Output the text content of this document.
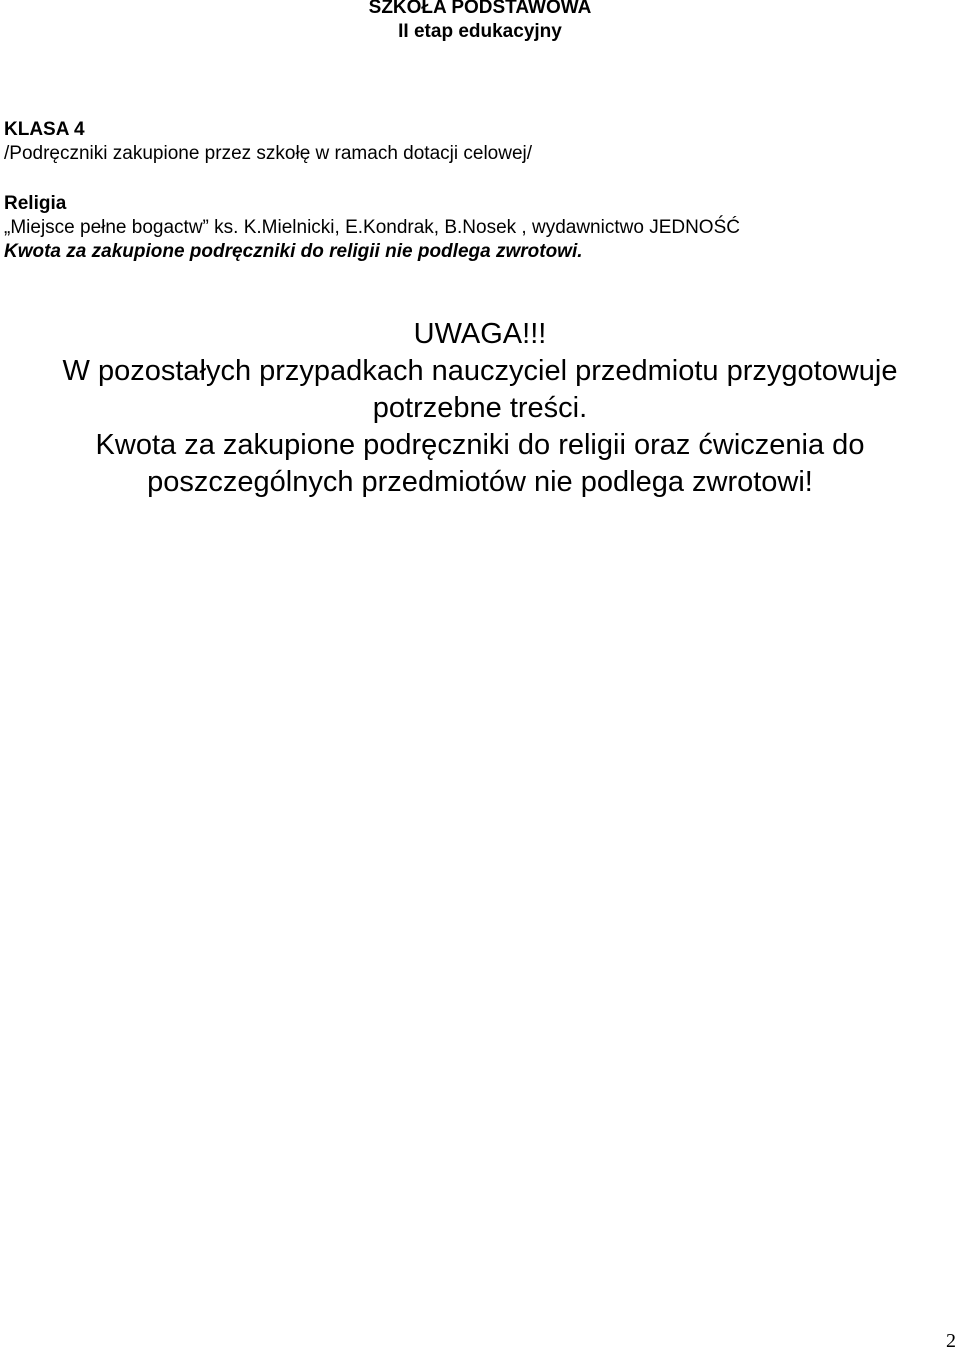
SZKOŁA PODSTAWOWA
II etap edukacyjny
KLASA 4
/Podręczniki zakupione przez szkołę w ramach dotacji celowej/
Religia
„Miejsce pełne bogactw” ks. K.Mielnicki, E.Kondrak, B.Nosek , wydawnictwo JEDNOŚĆ
Kwota za zakupione podręczniki do religii nie podlega zwrotowi.
UWAGA!!!
W pozostałych przypadkach nauczyciel przedmiotu przygotowuje potrzebne treści.
Kwota za zakupione podręczniki do religii oraz ćwiczenia do poszczególnych przedmiotów nie podlega zwrotowi!
2
